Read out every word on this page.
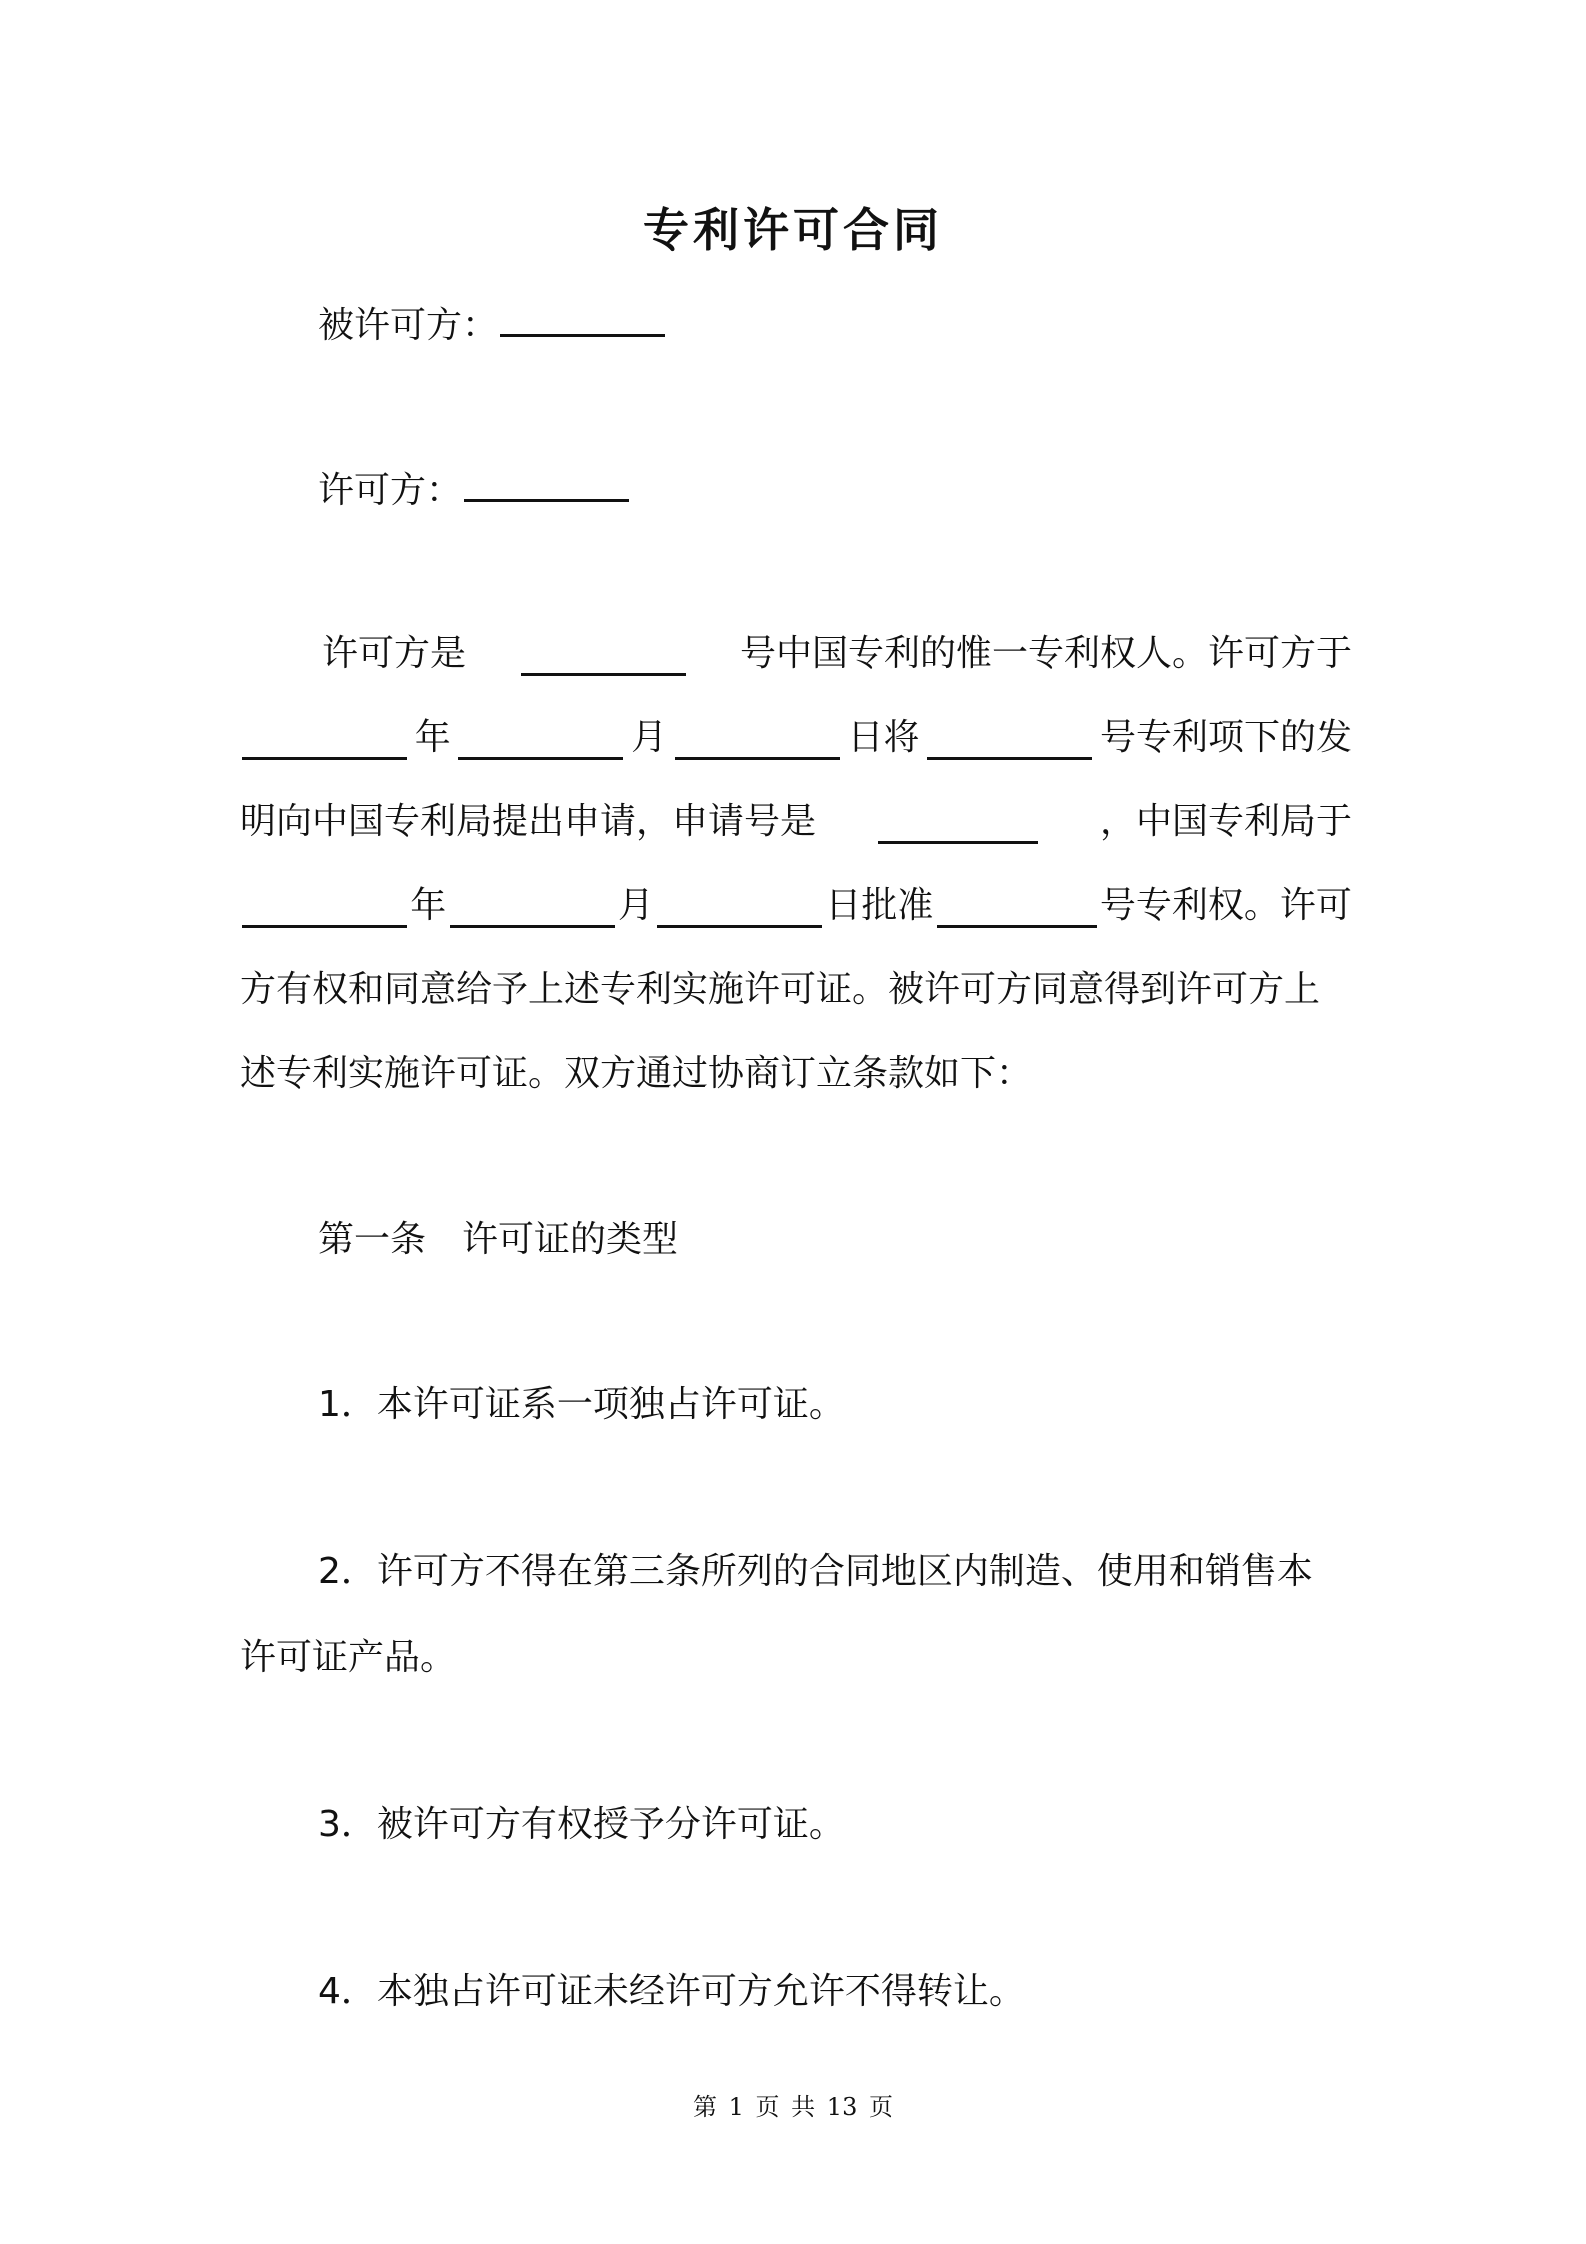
专利许可合同
被许可方：
许可方：
许可方是	号中国专利的惟一专利权人。许可方于
年	月	日将	号专利项下的发
明向中国专利局提出申请，申请号是	，中国专利局于
年	月	日批准	号专利权。许可
方有权和同意给予上述专利实施许可证。被许可方同意得到许可方上
述专利实施许可证。双方通过协商订立条款如下：
第一条　许可证的类型
1．本许可证系一项独占许可证。
2．许可方不得在第三条所列的合同地区内制造、使用和销售本
许可证产品。
3．被许可方有权授予分许可证。
4．本独占许可证未经许可方允许不得转让。
第 1 页 共 13 页
